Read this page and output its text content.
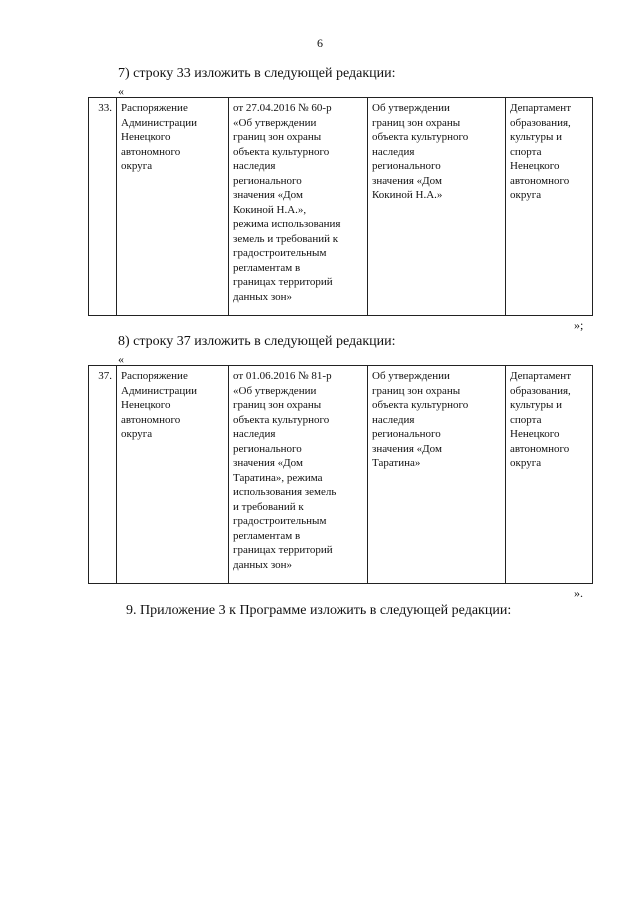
6
7) строку 33 изложить в следующей редакции:
«
33.	Распоряжение
Администрации
Ненецкого
автономного
округа	от 27.04.2016 № 60-р
«Об утверждении
границ зон охраны
объекта культурного
наследия
регионального
значения «Дом
Кокиной Н.А.»,
режима использования
земель и требований к
градостроительным
регламентам в
границах территорий
данных зон»	Об утверждении
границ зон охраны
объекта культурного
наследия
регионального
значения «Дом
Кокиной Н.А.»	Департамент
образования,
культуры и
спорта
Ненецкого
автономного
округа
»;
8) строку 37 изложить в следующей редакции:
«
37.	Распоряжение
Администрации
Ненецкого
автономного
округа	от 01.06.2016 № 81-р
«Об утверждении
границ зон охраны
объекта культурного
наследия
регионального
значения «Дом
Таратина», режима
использования земель
и требований к
градостроительным
регламентам в
границах территорий
данных зон»	Об утверждении
границ зон охраны
объекта культурного
наследия
регионального
значения «Дом
Таратина»	Департамент
образования,
культуры и
спорта
Ненецкого
автономного
округа
».
9. Приложение 3 к Программе изложить в следующей редакции:
